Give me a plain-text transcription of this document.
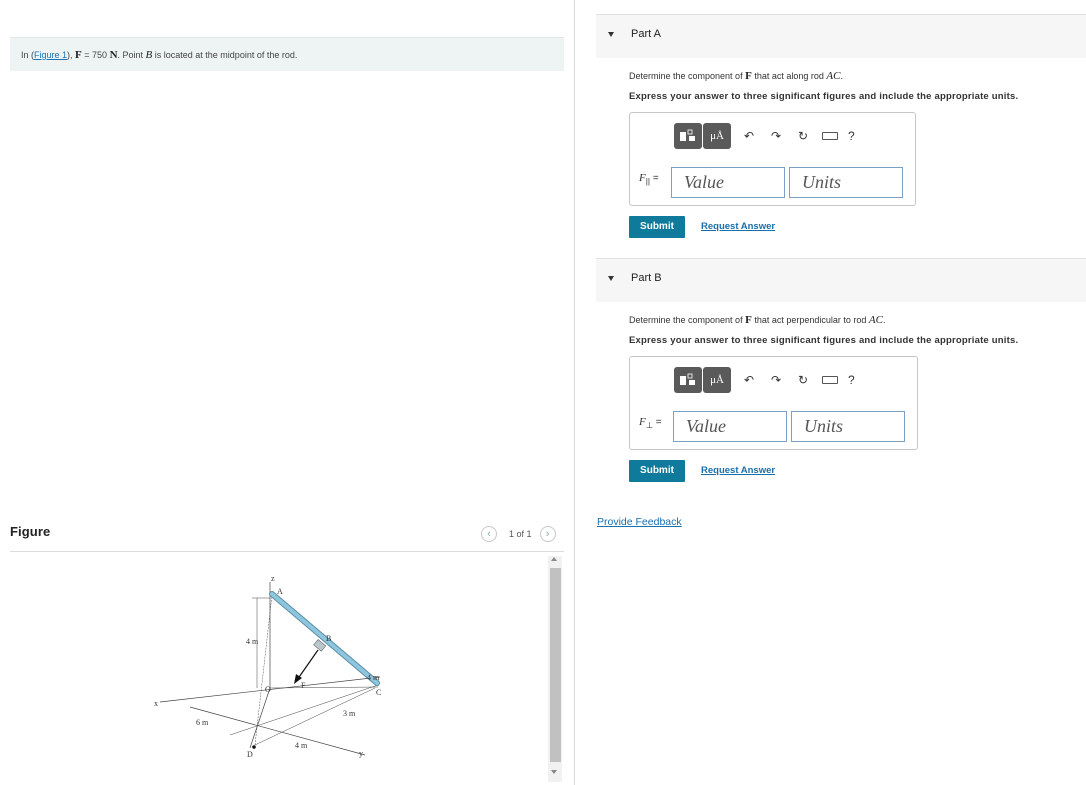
In (Figure 1), F = 750 N. Point B is located at the midpoint of the rod.
Figure	‹	1 of 1	›
z
A
B
C
D
O	F
x
y
4 m
4 m
4 m
6 m
3 m
Part A
Determine the component of F that act along rod AC.
Express your answer to three significant figures and include the appropriate units.
μÅ	↶	↷	↻	?
$F_{||}$ =	Value	Units
Submit	Request Answer
Part B
Determine the component of F that act perpendicular to rod AC.
Express your answer to three significant figures and include the appropriate units.
μÅ	↶	↷	↻	?
$F_\perp$ =	Value	Units
Submit	Request Answer
Provide Feedback
